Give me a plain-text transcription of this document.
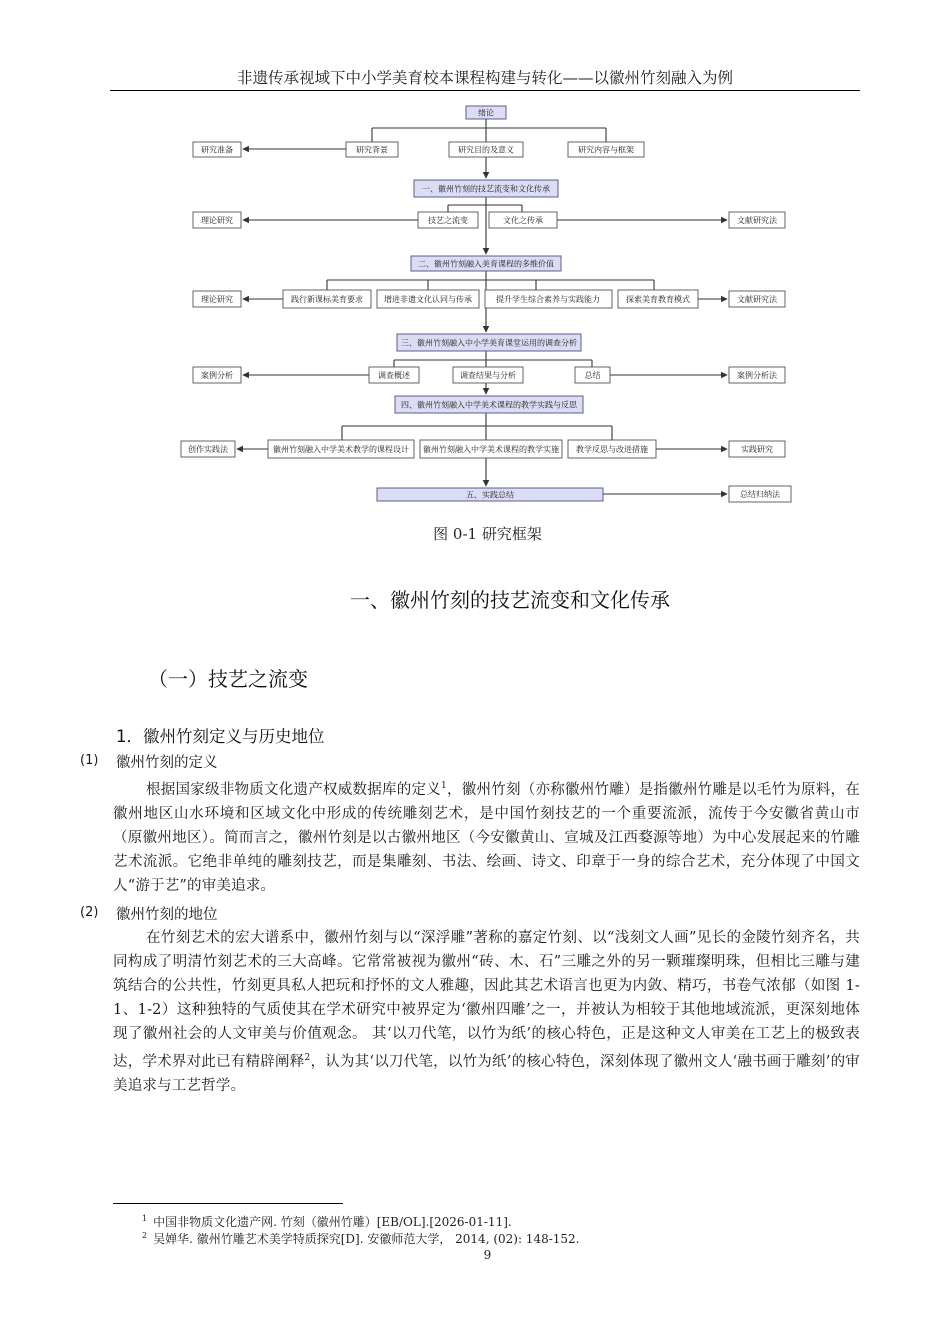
非遗传承视域下中小学美育校本课程构建与转化——以徽州竹刻融入为例
绪论
研究准备	研究背景	研究目的及意义	研究内容与框架
一、徽州竹刻的技艺流变和文化传承
理论研究	技艺之流变	文化之传承	文献研究法
二、徽州竹刻融入美育课程的多维价值
理论研究	践行新课标美育要求	增进非遗文化认同与传承	提升学生综合素养与实践能力	探索美育教育模式	文献研究法
三、徽州竹刻融入中小学美育课堂运用的调查分析
案例分析	调查概述	调查结果与分析	总结	案例分析法
四、徽州竹刻融入中学美术课程的教学实践与反思
创作实践法	徽州竹刻融入中学美术教学的课程设计 徽州竹刻融入中学美术课程的教学实施 教学反思与改进措施	实践研究
五、实践总结	总结归纳法
图 0-1 研究框架
一、徽州竹刻的技艺流变和文化传承
（一）技艺之流变
1．徽州竹刻定义与历史地位
(1) 徽州竹刻的定义

根据国家级非物质文化遗产权威数据库的定义$^1$，徽州竹刻（亦称徽州竹雕）是指徽州竹雕是以毛竹为原料，在徽州地区山水环境和区域文化中形成的传统雕刻艺术，是中国竹刻技艺的一个重要流派，流传于今安徽省黄山市（原徽州地区）。简而言之，徽州竹刻是以古徽州地区（今安徽黄山、宣城及江西婺源等地）为中心发展起来的竹雕艺术流派。它绝非单纯的雕刻技艺，而是集雕刻、书法、绘画、诗文、印章于一身的综合艺术，充分体现了中国文人“游于艺”的审美追求。

(2) 徽州竹刻的地位

在竹刻艺术的宏大谱系中，徽州竹刻与以“深浮雕”著称的嘉定竹刻、以“浅刻文人画”见长的金陵竹刻齐名，共同构成了明清竹刻艺术的三大高峰。它常常被视为徽州“砖、木、石”三雕之外的另一颗璀璨明珠，但相比三雕与建筑结合的公共性，竹刻更具私人把玩和抒怀的文人雅趣，因此其艺术语言也更为内敛、精巧，书卷气浓郁（如图 1-1、1-2）这种独特的气质使其在学术研究中被界定为‘徽州四雕’之一，并被认为相较于其他地域流派，更深刻地体现了徽州社会的人文审美与价值观念。 其‘以刀代笔，以竹为纸’的核心特色，正是这种文人审美在工艺上的极致表达，学术界对此已有精辟阐释$^2$，认为其‘以刀代笔，以竹为纸’的核心特色，深刻体现了徽州文人‘融书画于雕刻’的审美追求与工艺哲学。

$^1$ 中国非物质文化遗产网. 竹刻（徽州竹雕）[EB/OL].[2026-01-11].
$^2$ 吴婵华. 徽州竹雕艺术美学特质探究[D]. 安徽师范大学， 2014, (02): 148-152.
9
